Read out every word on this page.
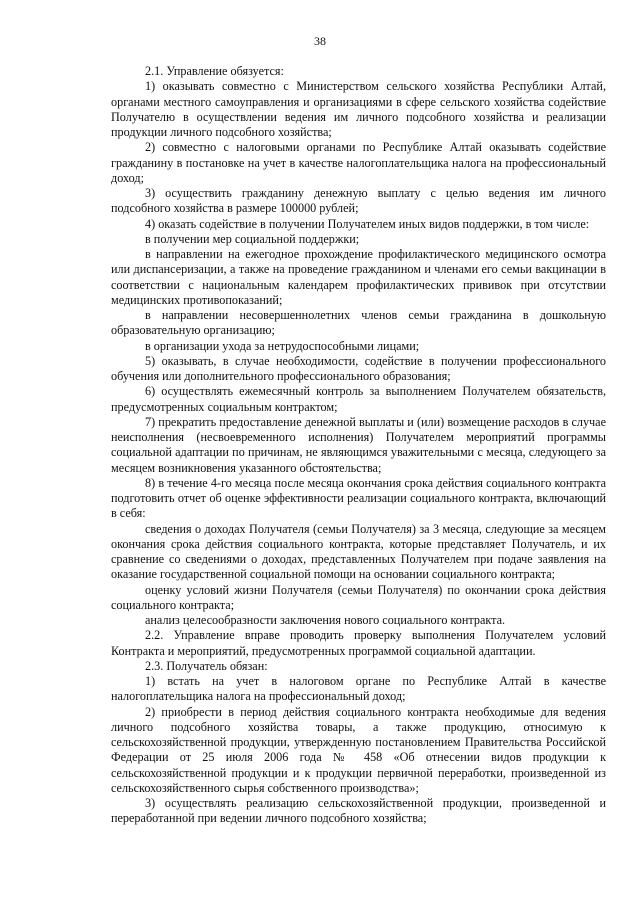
38

2.1. Управление обязуется:

1) оказывать совместно с Министерством сельского хозяйства Республики Алтай, органами местного самоуправления и организациями в сфере сельского хозяйства содействие Получателю в осуществлении ведения им личного подсобного хозяйства и реализации продукции личного подсобного хозяйства;

2) совместно с налоговыми органами по Республике Алтай оказывать содействие гражданину в постановке на учет в качестве налогоплательщика налога на профессиональный доход;

3) осуществить гражданину денежную выплату с целью ведения им личного подсобного хозяйства в размере 100000 рублей;

4) оказать содействие в получении Получателем иных видов поддержки, в том числе:

в получении мер социальной поддержки;

в направлении на ежегодное прохождение профилактического медицинского осмотра или диспансеризации, а также на проведение гражданином и членами его семьи вакцинации в соответствии с национальным календарем профилактических прививок при отсутствии медицинских противопоказаний;

в направлении несовершеннолетних членов семьи гражданина в дошкольную образовательную организацию;

в организации ухода за нетрудоспособными лицами;

5) оказывать, в случае необходимости, содействие в получении профессионального обучения или дополнительного профессионального образования;

6) осуществлять ежемесячный контроль за выполнением Получателем обязательств, предусмотренных социальным контрактом;

7) прекратить предоставление денежной выплаты и (или) возмещение расходов в случае неисполнения (несвоевременного исполнения) Получателем мероприятий программы социальной адаптации по причинам, не являющимся уважительными с месяца, следующего за месяцем возникновения указанного обстоятельства;

8) в течение 4-го месяца после месяца окончания срока действия социального контракта подготовить отчет об оценке эффективности реализации социального контракта, включающий в себя:

сведения о доходах Получателя (семьи Получателя) за 3 месяца, следующие за месяцем окончания срока действия социального контракта, которые представляет Получатель, и их сравнение со сведениями о доходах, представленных Получателем при подаче заявления на оказание государственной социальной помощи на основании социального контракта;

оценку условий жизни Получателя (семьи Получателя) по окончании срока действия социального контракта;

анализ целесообразности заключения нового социального контракта.

2.2. Управление вправе проводить проверку выполнения Получателем условий Контракта и мероприятий, предусмотренных программой социальной адаптации.

2.3. Получатель обязан:

1) встать на учет в налоговом органе по Республике Алтай в качестве налогоплательщика налога на профессиональный доход;

2) приобрести в период действия социального контракта необходимые для ведения личного подсобного хозяйства товары, а также продукцию, относимую к сельскохозяйственной продукции, утвержденную постановлением Правительства Российской Федерации от 25 июля 2006 года № 458 «Об отнесении видов продукции к сельскохозяйственной продукции и к продукции первичной переработки, произведенной из сельскохозяйственного сырья собственного производства»;

3) осуществлять реализацию сельскохозяйственной продукции, произведенной и переработанной при ведении личного подсобного хозяйства;
